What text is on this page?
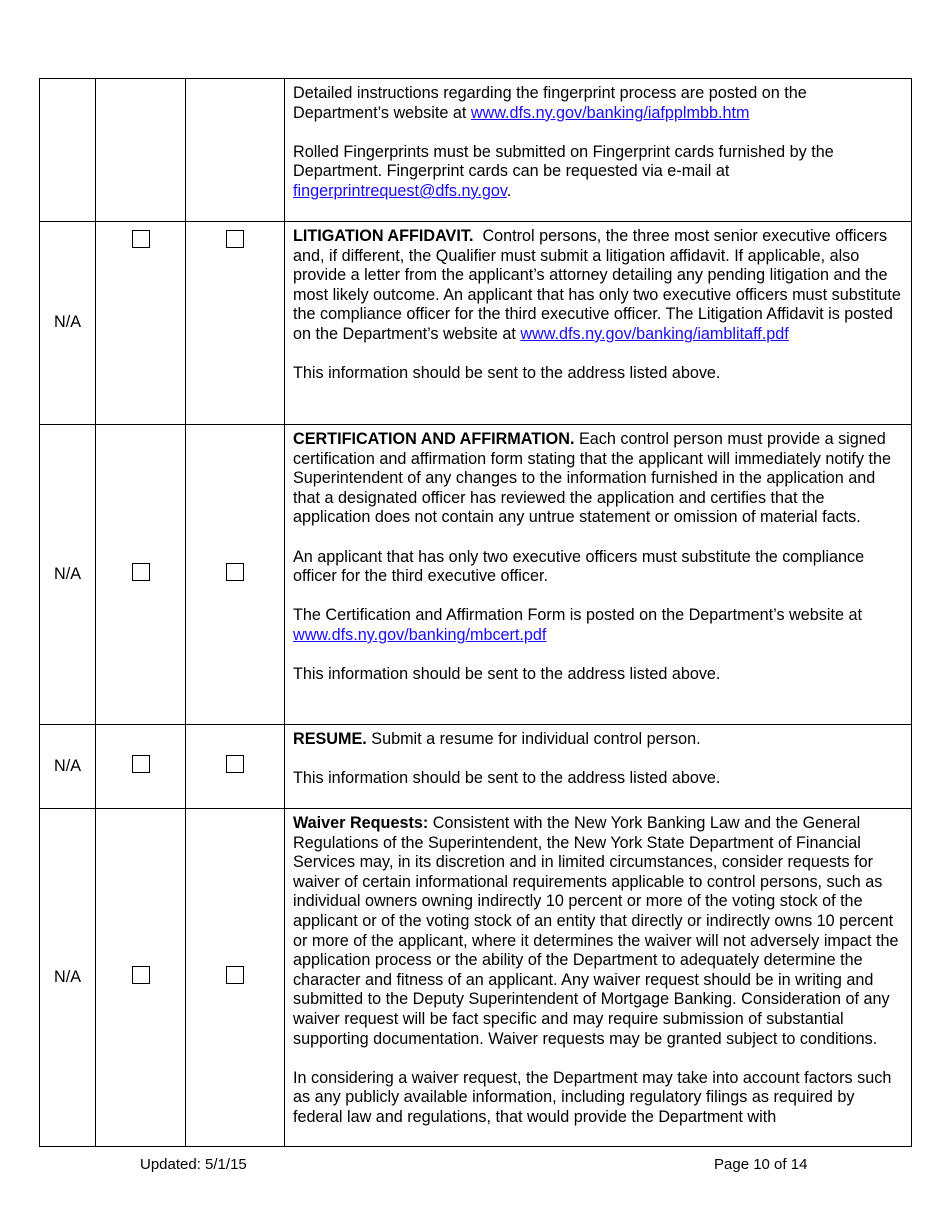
			Detailed instructions regarding the fingerprint process are posted on the Department’s website at www.dfs.ny.gov/banking/iafpplmbb.htm

Rolled Fingerprints must be submitted on Fingerprint cards furnished by the Department. Fingerprint cards can be requested via e-mail at fingerprintrequest@dfs.ny.gov.

N/A			LITIGATION AFFIDAVIT. Control persons, the three most senior executive officers and, if different, the Qualifier must submit a litigation affidavit. If applicable, also provide a letter from the applicant’s attorney detailing any pending litigation and the most likely outcome. An applicant that has only two executive officers must substitute the compliance officer for the third executive officer. The Litigation Affidavit is posted on the Department’s website at www.dfs.ny.gov/banking/iamblitaff.pdf

This information should be sent to the address listed above.

N/A			CERTIFICATION AND AFFIRMATION. Each control person must provide a signed certification and affirmation form stating that the applicant will immediately notify the Superintendent of any changes to the information furnished in the application and that a designated officer has reviewed the application and certifies that the application does not contain any untrue statement or omission of material facts.

An applicant that has only two executive officers must substitute the compliance officer for the third executive officer.

The Certification and Affirmation Form is posted on the Department’s website at www.dfs.ny.gov/banking/mbcert.pdf

This information should be sent to the address listed above.

N/A			RESUME. Submit a resume for individual control person.

This information should be sent to the address listed above.

N/A			Waiver Requests: Consistent with the New York Banking Law and the General Regulations of the Superintendent, the New York State Department of Financial Services may, in its discretion and in limited circumstances, consider requests for waiver of certain informational requirements applicable to control persons, such as individual owners owning indirectly 10 percent or more of the voting stock of the applicant or of the voting stock of an entity that directly or indirectly owns 10 percent or more of the applicant, where it determines the waiver will not adversely impact the application process or the ability of the Department to adequately determine the character and fitness of an applicant. Any waiver request should be in writing and submitted to the Deputy Superintendent of Mortgage Banking. Consideration of any waiver request will be fact specific and may require submission of substantial supporting documentation. Waiver requests may be granted subject to conditions.

In considering a waiver request, the Department may take into account factors such as any publicly available information, including regulatory filings as required by federal law and regulations, that would provide the Department with

Updated: 5/1/15	Page 10 of 14
